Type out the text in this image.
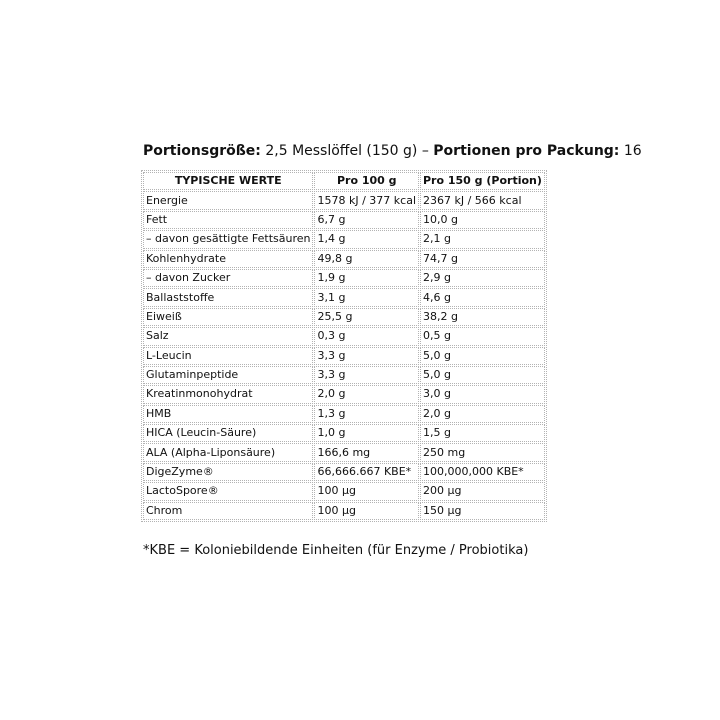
Portionsgröße: 2,5 Messlöffel (150 g) – Portionen pro Packung: 16
TYPISCHE WERTE	Pro 100 g	Pro 150 g (Portion)
Energie	1578 kJ / 377 kcal	2367 kJ / 566 kcal
Fett	6,7 g	10,0 g
– davon gesättigte Fettsäuren	1,4 g	2,1 g
Kohlenhydrate	49,8 g	74,7 g
– davon Zucker	1,9 g	2,9 g
Ballaststoffe	3,1 g	4,6 g
Eiweiß	25,5 g	38,2 g
Salz	0,3 g	0,5 g
L-Leucin	3,3 g	5,0 g
Glutaminpeptide	3,3 g	5,0 g
Kreatinmonohydrat	2,0 g	3,0 g
HMB	1,3 g	2,0 g
HICA (Leucin-Säure)	1,0 g	1,5 g
ALA (Alpha-Liponsäure)	166,6 mg	250 mg
DigeZyme®	66,666.667 KBE*	100,000,000 KBE*
LactoSpore®	100 µg	200 µg
Chrom	100 µg	150 µg
*KBE = Koloniebildende Einheiten (für Enzyme / Probiotika)
